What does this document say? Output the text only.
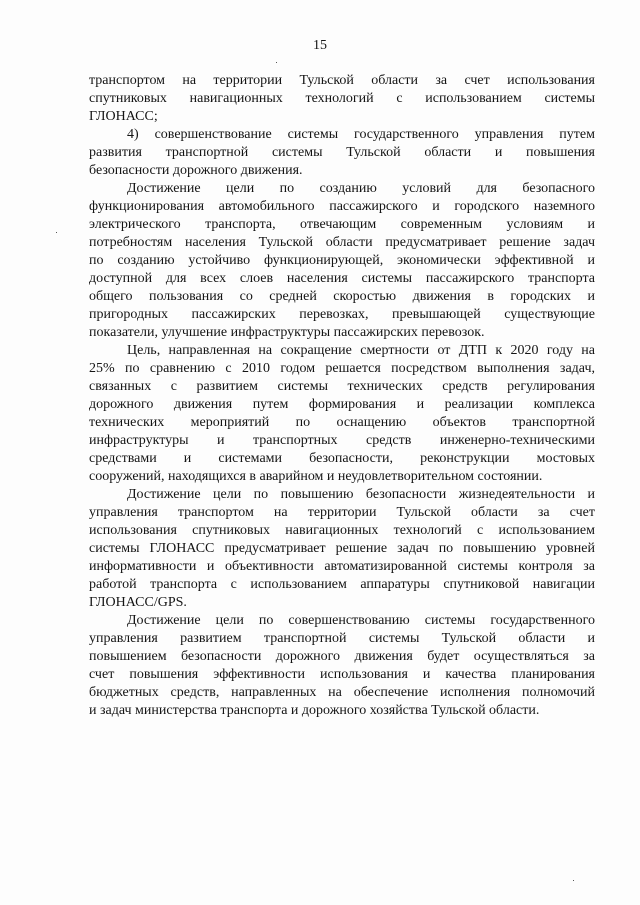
15
транспортом на территории Тульской области за счет использования
спутниковых навигационных технологий с использованием системы
ГЛОНАСС;
4) совершенствование системы государственного управления путем
развития транспортной системы Тульской области и повышения
безопасности дорожного движения.
Достижение цели по созданию условий для безопасного
функционирования автомобильного пассажирского и городского наземного
электрического транспорта, отвечающим современным условиям и
потребностям населения Тульской области предусматривает решение задач
по созданию устойчиво функционирующей, экономически эффективной и
доступной для всех слоев населения системы пассажирского транспорта
общего пользования со средней скоростью движения в городских и
пригородных пассажирских перевозках, превышающей существующие
показатели, улучшение инфраструктуры пассажирских перевозок.
Цель, направленная на сокращение смертности от ДТП к 2020 году на
25% по сравнению с 2010 годом решается посредством выполнения задач,
связанных с развитием системы технических средств регулирования
дорожного движения путем формирования и реализации комплекса
технических мероприятий по оснащению объектов транспортной
инфраструктуры и транспортных средств инженерно-техническими
средствами и системами безопасности, реконструкции мостовых
сооружений, находящихся в аварийном и неудовлетворительном состоянии.
Достижение цели по повышению безопасности жизнедеятельности и
управления транспортом на территории Тульской области за счет
использования спутниковых навигационных технологий с использованием
системы ГЛОНАСС предусматривает решение задач по повышению уровней
информативности и объективности автоматизированной системы контроля за
работой транспорта с использованием аппаратуры спутниковой навигации
ГЛОНАСС/GPS.
Достижение цели по совершенствованию системы государственного
управления развитием транспортной системы Тульской области и
повышением безопасности дорожного движения будет осуществляться за
счет повышения эффективности использования и качества планирования
бюджетных средств, направленных на обеспечение исполнения полномочий
и задач министерства транспорта и дорожного хозяйства Тульской области.
